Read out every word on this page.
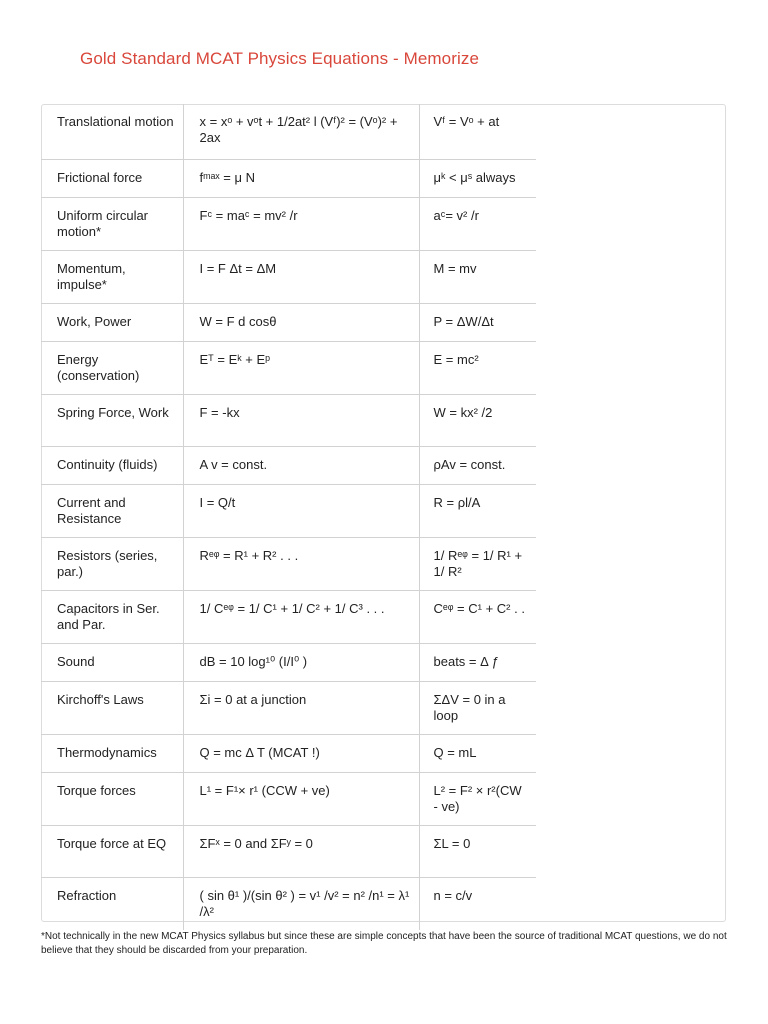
Gold Standard MCAT Physics Equations - Memorize
Translational motion	x = xᵒ + vᵒt + 1/2at² l (Vᶠ)² = (Vᵒ)² + 2ax	Vᶠ = Vᵒ + at
Frictional force	fᵐᵃˣ = μ N	μᵏ < μˢ always
Uniform circular motion*	Fᶜ = maᶜ = mv² /r	aᶜ= v² /r
Momentum, impulse*	I = F Δt = ΔM	M = mv
Work, Power	W = F d cosθ	P = ΔW/Δt
Energy (conservation)	Eᵀ = Eᵏ + Eᵖ	E = mc²
Spring Force, Work	F = -kx	W = kx² /2
Continuity (fluids)	A v = const.	ρAv = const.
Current and Resistance	I = Q/t	R = ρl/A
Resistors (series, par.)	Rᵉᵠ = R¹ + R² . . .	1/ Rᵉᵠ = 1/ R¹ + 1/ R²
Capacitors in Ser. and Par.	1/ Cᵉᵠ = 1/ C¹ + 1/ C² + 1/ C³ . . .	Cᵉᵠ = C¹ + C² . .
Sound	dB = 10 log¹⁰ (I/I⁰ )	beats = Δ ƒ
Kirchoff's Laws	Σi = 0 at a junction	ΣΔV = 0 in a loop
Thermodynamics	Q = mc Δ T (MCAT !)	Q = mL
Torque forces	L¹ = F¹× r¹ (CCW + ve)	L² = F² × r²(CW - ve)
Torque force at EQ	ΣFˣ = 0 and ΣFʸ = 0	ΣL = 0
Refraction	( sin θ¹ )/(sin θ² ) = v¹ /v² = n² /n¹ = λ¹ /λ²	n = c/v
*Not technically in the new MCAT Physics syllabus but since these are simple concepts that have been the source of traditional MCAT questions, we do not believe that they should be discarded from your preparation.
